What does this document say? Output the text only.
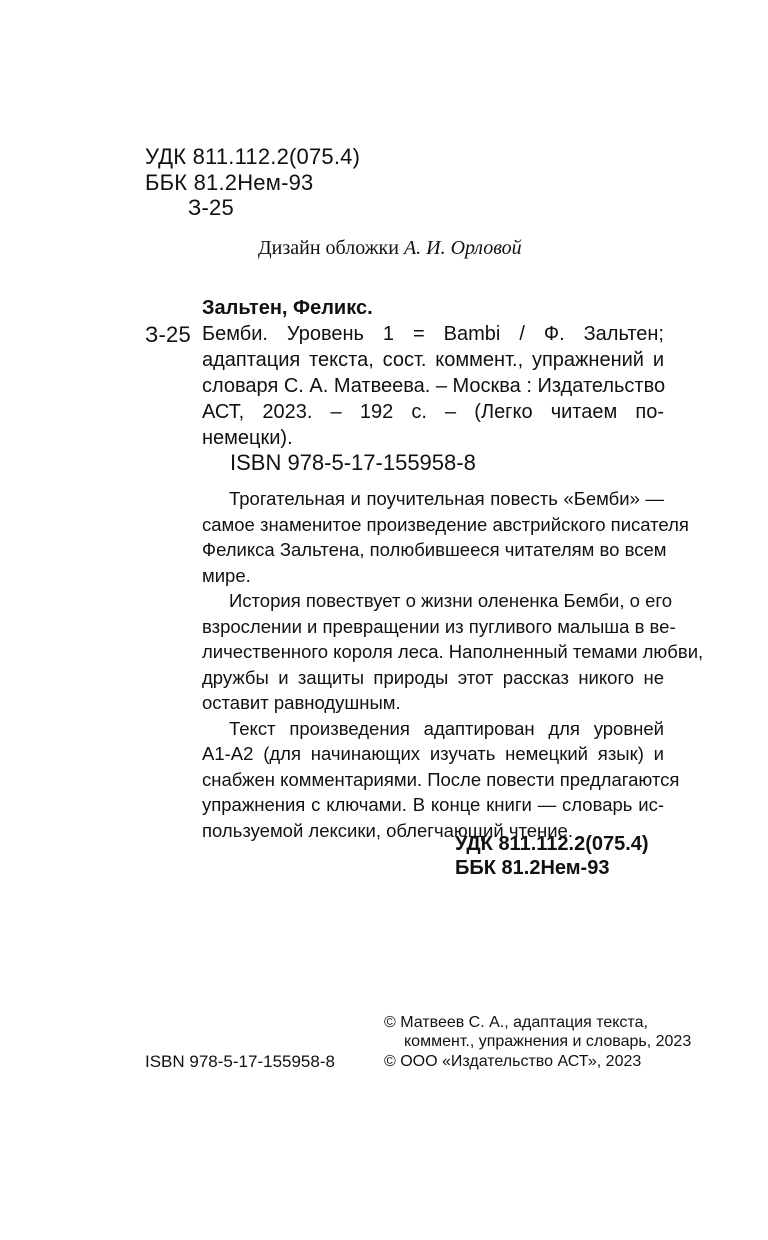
УДК 811.112.2(075.4)
ББК 81.2Нем-93
З-25
Дизайн обложки А. И. Орловой
Зальтен, Феликс.
З-25 Бемби. Уровень 1 = Bambi / Ф. Зальтен;
адаптация текста, сост. коммент., упражнений и
словаря С. А. Матвеева. – Москва : Издательство
АСТ, 2023. – 192 с. – (Легко читаем по-
немецки).
ISBN 978-5-17-155958-8
Трогательная и поучительная повесть «Бемби» —
самое знаменитое произведение австрийского писателя
Феликса Зальтена, полюбившееся читателям во всем
мире.
История повествует о жизни олененка Бемби, о его
взрослении и превращении из пугливого малыша в ве-
личественного короля леса. Наполненный темами любви,
дружбы и защиты природы этот рассказ никого не
оставит равнодушным.
Текст произведения адаптирован для уровней
А1-А2 (для начинающих изучать немецкий язык) и
снабжен комментариями. После повести предлагаются
упражнения с ключами. В конце книги — словарь ис-
пользуемой лексики, облегчающий чтение.
УДК 811.112.2(075.4)
ББК 81.2Нем-93
© Матвеев С. А., адаптация текста,
коммент., упражнения и словарь, 2023
ISBN 978-5-17-155958-8	© ООО «Издательство АСТ», 2023
